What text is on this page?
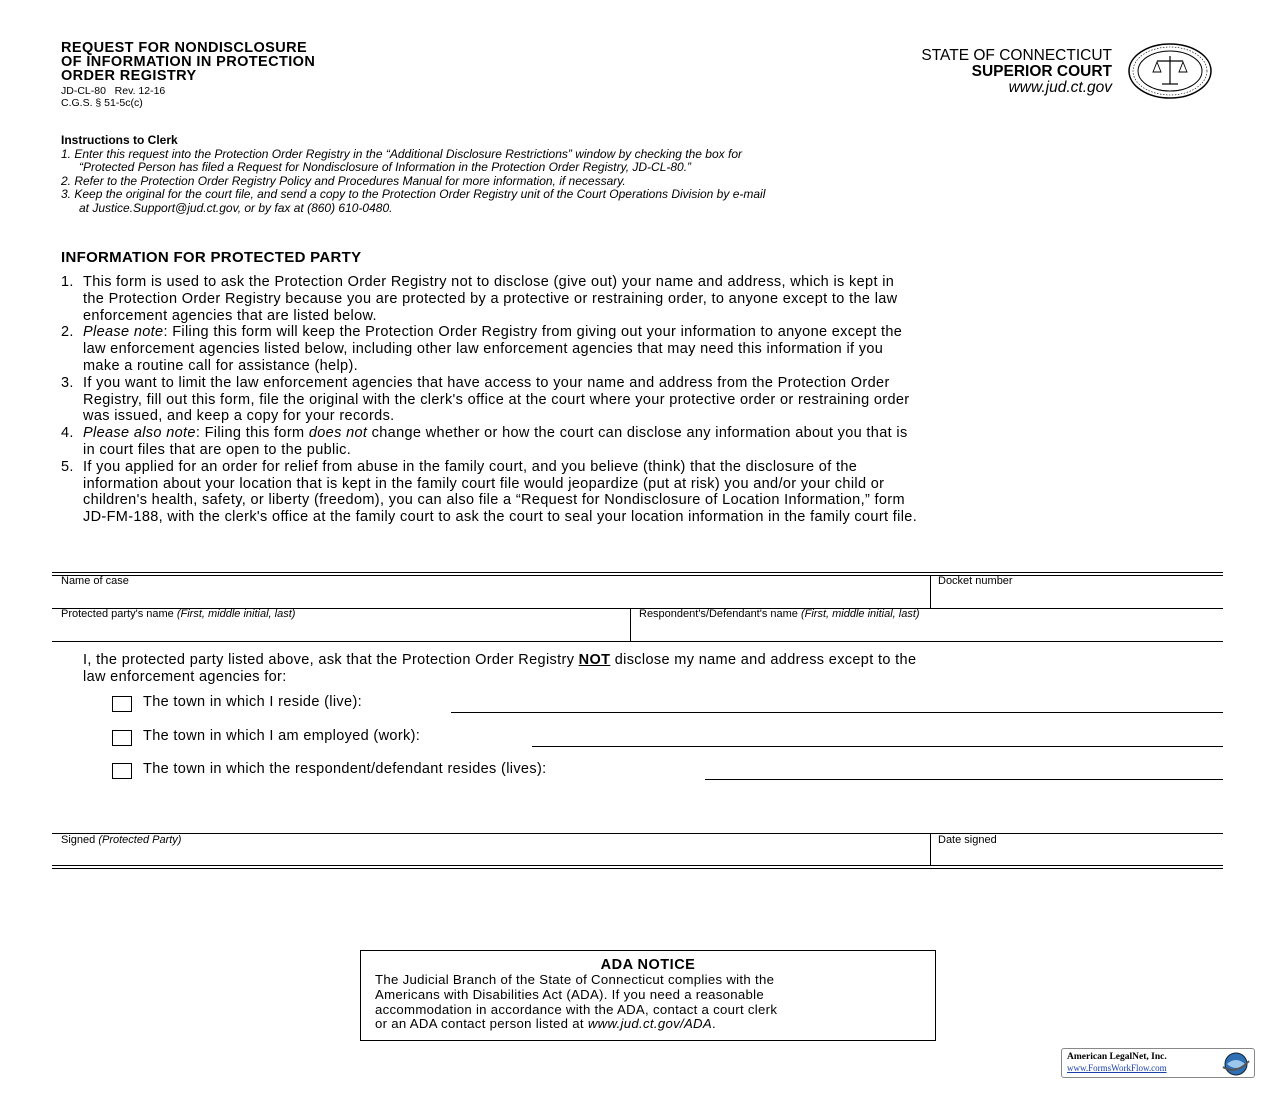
REQUEST FOR NONDISCLOSURE
OF INFORMATION IN PROTECTION
ORDER REGISTRY
JD-CL-80   Rev. 12-16
C.G.S. § 51-5c(c)
STATE OF CONNECTICUT
SUPERIOR COURT
www.jud.ct.gov
Instructions to Clerk
1. Enter this request into the Protection Order Registry in the “Additional Disclosure Restrictions” window by checking the box for
“Protected Person has filed a Request for Nondisclosure of Information in the Protection Order Registry, JD-CL-80.”
2. Refer to the Protection Order Registry Policy and Procedures Manual for more information, if necessary.
3. Keep the original for the court file, and send a copy to the Protection Order Registry unit of the Court Operations Division by e-mail
at Justice.Support@jud.ct.gov, or by fax at (860) 610-0480.
INFORMATION FOR PROTECTED PARTY
1. This form is used to ask the Protection Order Registry not to disclose (give out) your name and address, which is kept in
the Protection Order Registry because you are protected by a protective or restraining order, to anyone except to the law
enforcement agencies that are listed below.
2. Please note: Filing this form will keep the Protection Order Registry from giving out your information to anyone except the
law enforcement agencies listed below, including other law enforcement agencies that may need this information if you
make a routine call for assistance (help).
3. If you want to limit the law enforcement agencies that have access to your name and address from the Protection Order
Registry, fill out this form, file the original with the clerk's office at the court where your protective order or restraining order
was issued, and keep a copy for your records.
4. Please also note: Filing this form does not change whether or how the court can disclose any information about you that is
in court files that are open to the public.
5. If you applied for an order for relief from abuse in the family court, and you believe (think) that the disclosure of the
information about your location that is kept in the family court file would jeopardize (put at risk) you and/or your child or
children's health, safety, or liberty (freedom), you can also file a “Request for Nondisclosure of Location Information,” form
JD-FM-188, with the clerk's office at the family court to ask the court to seal your location information in the family court file.
Name of case	Docket number
Protected party's name (First, middle initial, last)	Respondent's/Defendant's name (First, middle initial, last)
I, the protected party listed above, ask that the Protection Order Registry NOT disclose my name and address except to the
law enforcement agencies for:
The town in which I reside (live):
The town in which I am employed (work):
The town in which the respondent/defendant resides (lives):
Signed (Protected Party)	Date signed
ADA NOTICE
The Judicial Branch of the State of Connecticut complies with the
Americans with Disabilities Act (ADA). If you need a reasonable
accommodation in accordance with the ADA, contact a court clerk
or an ADA contact person listed at www.jud.ct.gov/ADA.
American LegalNet, Inc.
www.FormsWorkFlow.com
